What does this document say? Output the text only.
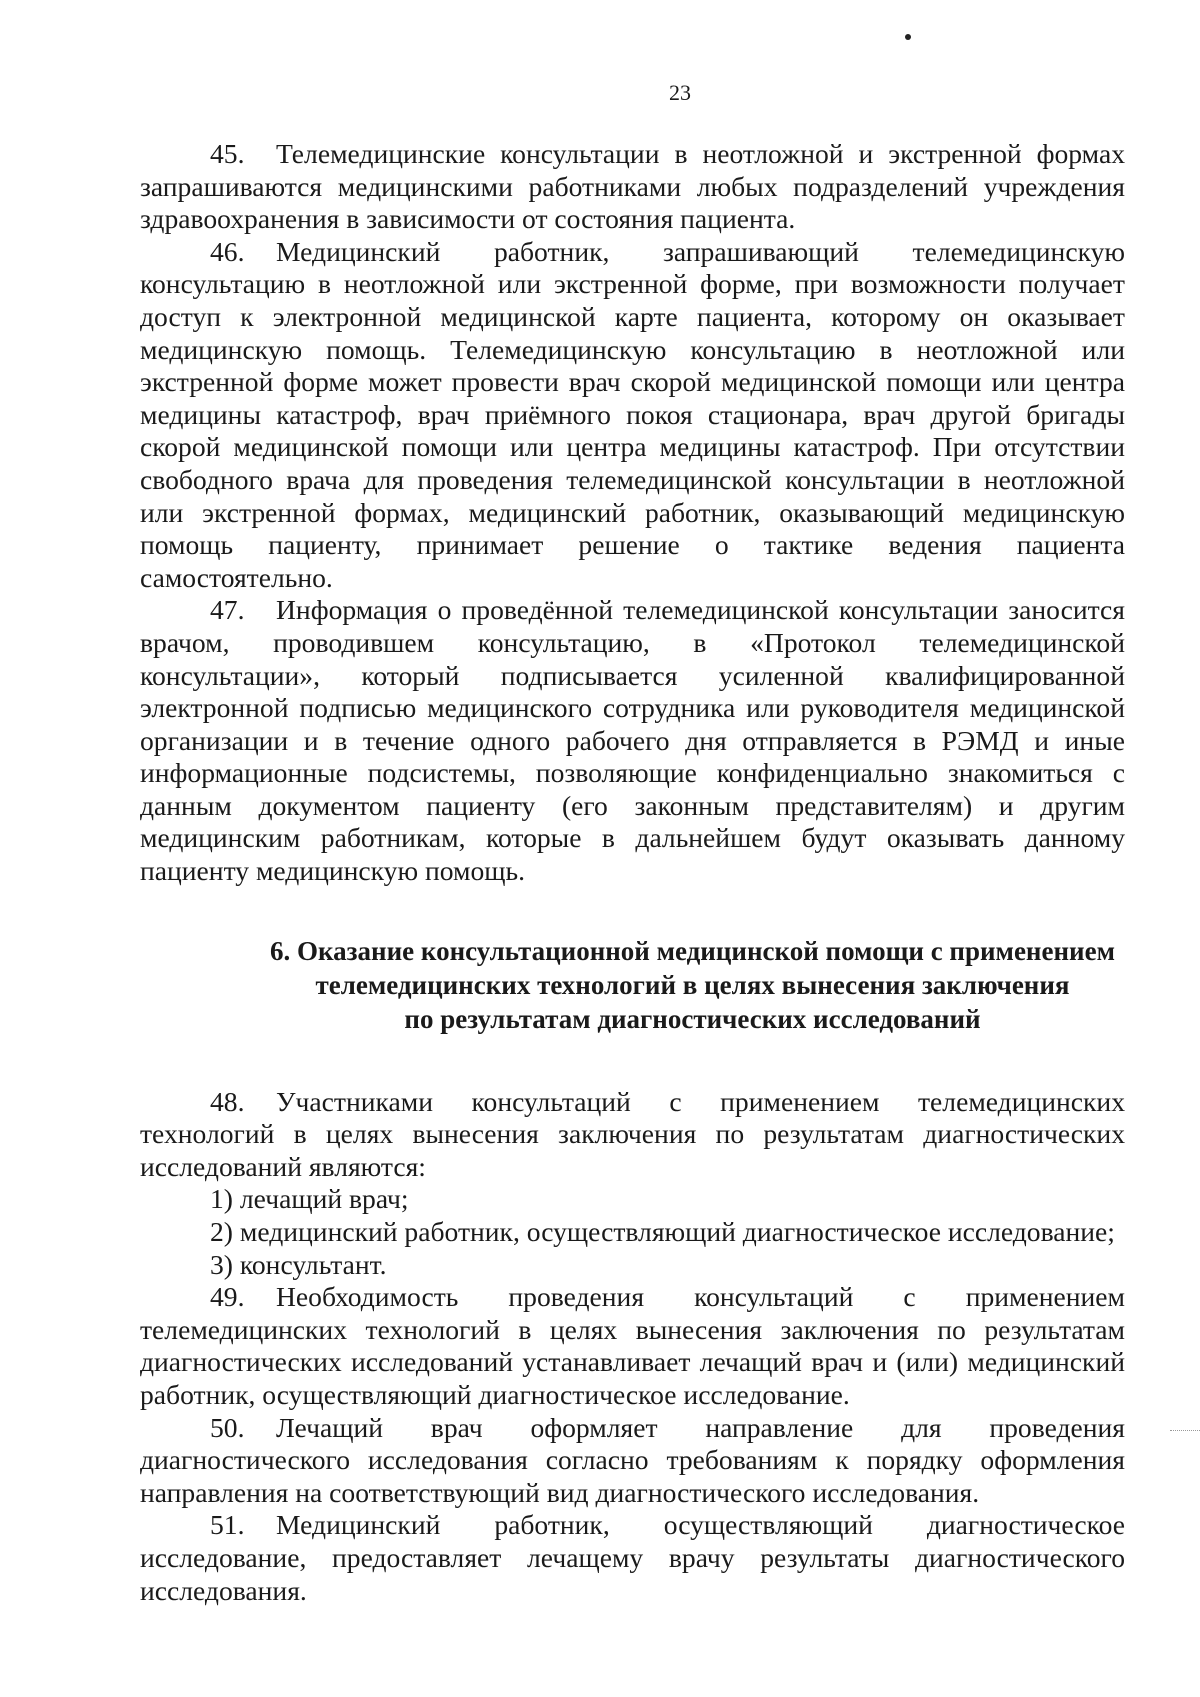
23

45. Телемедицинские консультации в неотложной и экстренной формах запрашиваются медицинскими работниками любых подразделений учреждения здравоохранения в зависимости от состояния пациента.

46. Медицинский работник, запрашивающий телемедицинскую консультацию в неотложной или экстренной форме, при возможности получает доступ к электронной медицинской карте пациента, которому он оказывает медицинскую помощь. Телемедицинскую консультацию в неотложной или экстренной форме может провести врач скорой медицинской помощи или центра медицины катастроф, врач приёмного покоя стационара, врач другой бригады скорой медицинской помощи или центра медицины катастроф. При отсутствии свободного врача для проведения телемедицинской консультации в неотложной или экстренной формах, медицинский работник, оказывающий медицинскую помощь пациенту, принимает решение о тактике ведения пациента самостоятельно.

47. Информация о проведённой телемедицинской консультации заносится врачом, проводившем консультацию, в «Протокол телемедицинской консультации», который подписывается усиленной квалифицированной электронной подписью медицинского сотрудника или руководителя медицинской организации и в течение одного рабочего дня отправляется в РЭМД и иные информационные подсистемы, позволяющие конфиденциально знакомиться с данным документом пациенту (его законным представителям) и другим медицинским работникам, которые в дальнейшем будут оказывать данному пациенту медицинскую помощь.

6. Оказание консультационной медицинской помощи с применением
телемедицинских технологий в целях вынесения заключения
по результатам диагностических исследований

48. Участниками консультаций с применением телемедицинских технологий в целях вынесения заключения по результатам диагностических исследований являются:

1) лечащий врач;

2) медицинский работник, осуществляющий диагностическое исследование;

3) консультант.

49. Необходимость проведения консультаций с применением телемедицинских технологий в целях вынесения заключения по результатам диагностических исследований устанавливает лечащий врач и (или) медицинский работник, осуществляющий диагностическое исследование.

50. Лечащий врач оформляет направление для проведения диагностического исследования согласно требованиям к порядку оформления направления на соответствующий вид диагностического исследования.

51. Медицинский работник, осуществляющий диагностическое исследование, предоставляет лечащему врачу результаты диагностического исследования.
